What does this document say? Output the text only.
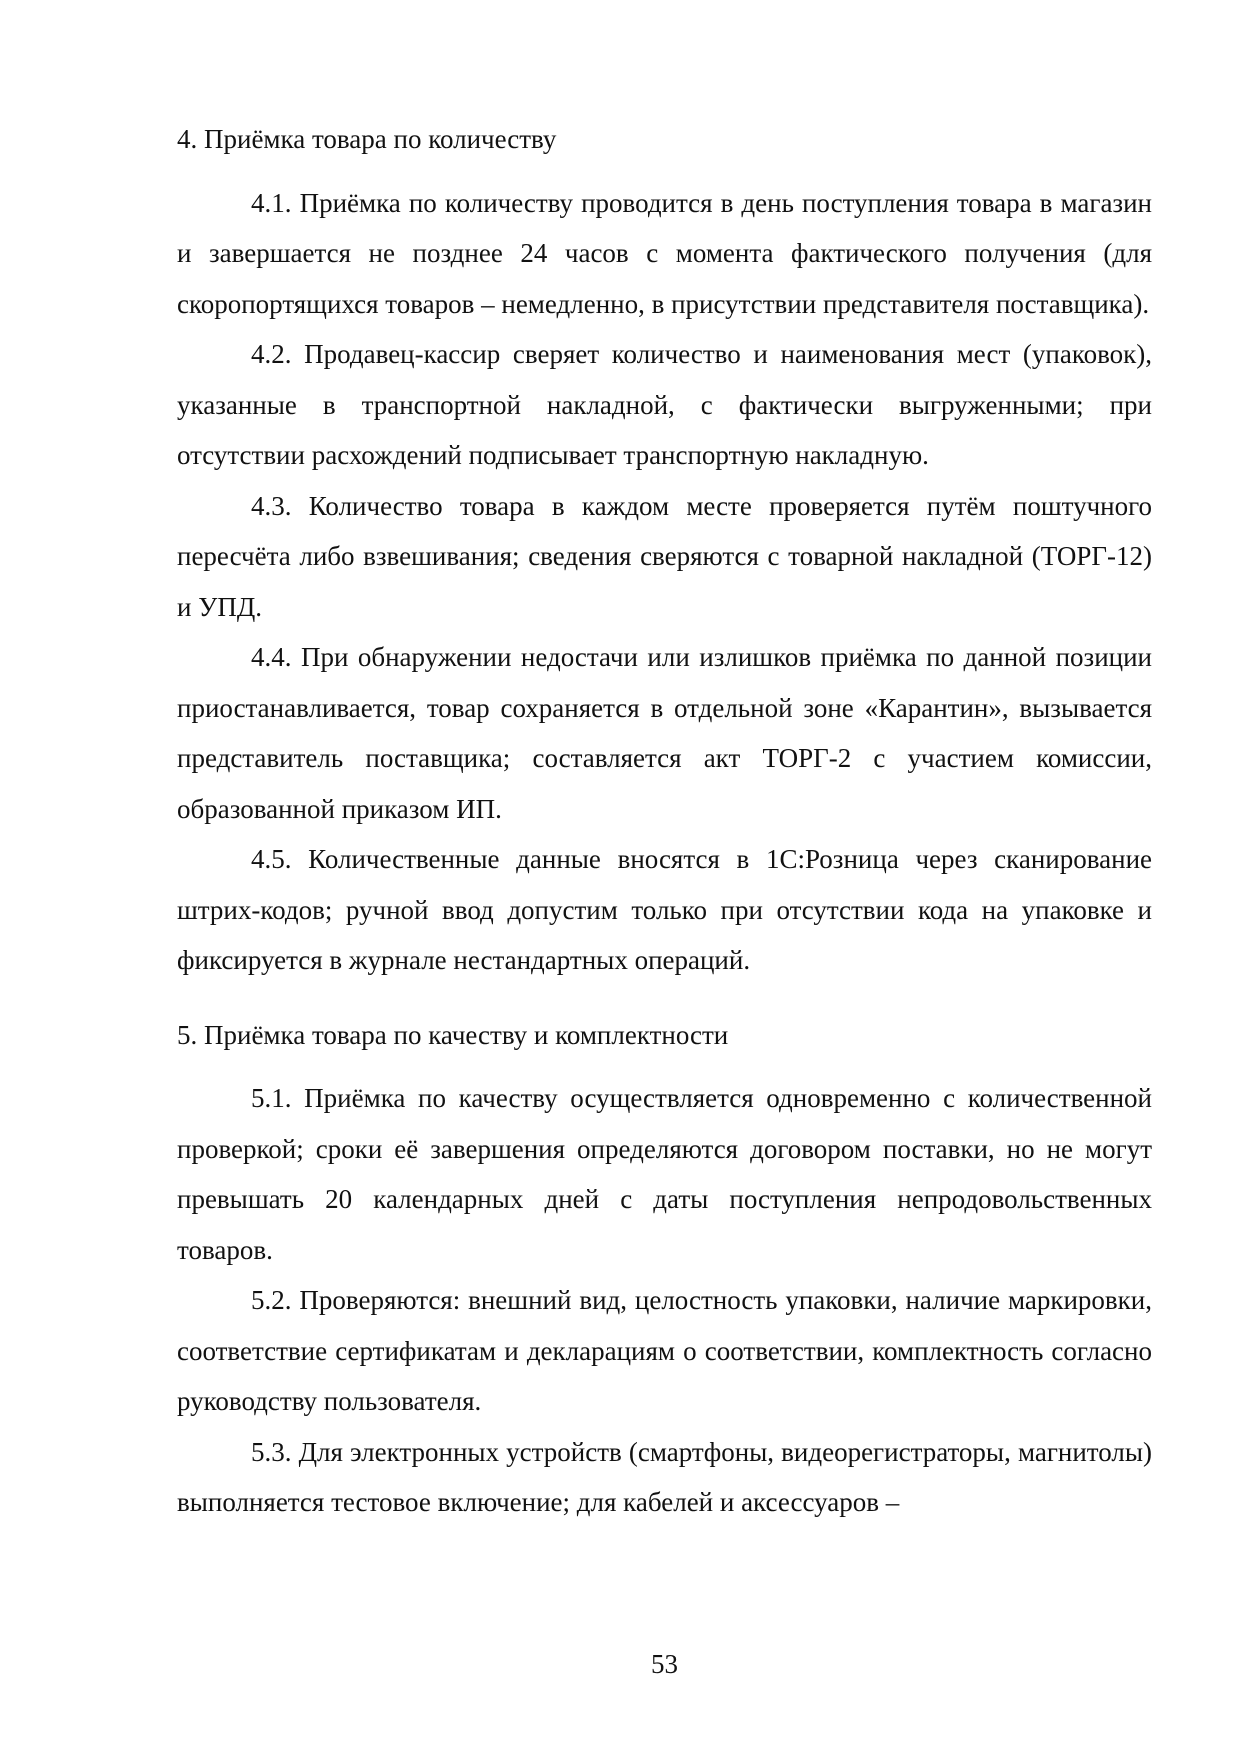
4. Приёмка товара по количеству

4.1. Приёмка по количеству проводится в день поступления товара в магазин и завершается не позднее 24 часов с момента фактического получения (для скоропортящихся товаров – немедленно, в присутствии представителя поставщика).

4.2. Продавец-кассир сверяет количество и наименования мест (упаковок), указанные в транспортной накладной, с фактически выгруженными; при отсутствии расхождений подписывает транспортную накладную.

4.3. Количество товара в каждом месте проверяется путём поштучного пересчёта либо взвешивания; сведения сверяются с товарной накладной (ТОРГ-12) и УПД.

4.4. При обнаружении недостачи или излишков приёмка по данной позиции приостанавливается, товар сохраняется в отдельной зоне «Карантин», вызывается представитель поставщика; составляется акт ТОРГ-2 с участием комиссии, образованной приказом ИП.

4.5. Количественные данные вносятся в 1С:Розница через сканирование штрих-кодов; ручной ввод допустим только при отсутствии кода на упаковке и фиксируется в журнале нестандартных операций.

5. Приёмка товара по качеству и комплектности

5.1. Приёмка по качеству осуществляется одновременно с количественной проверкой; сроки её завершения определяются договором поставки, но не могут превышать 20 календарных дней с даты поступления непродовольственных товаров.

5.2. Проверяются: внешний вид, целостность упаковки, наличие маркировки, соответствие сертификатам и декларациям о соответствии, комплектность согласно руководству пользователя.

5.3. Для электронных устройств (смартфоны, видеорегистраторы, магнитолы) выполняется тестовое включение; для кабелей и аксессуаров –

53
